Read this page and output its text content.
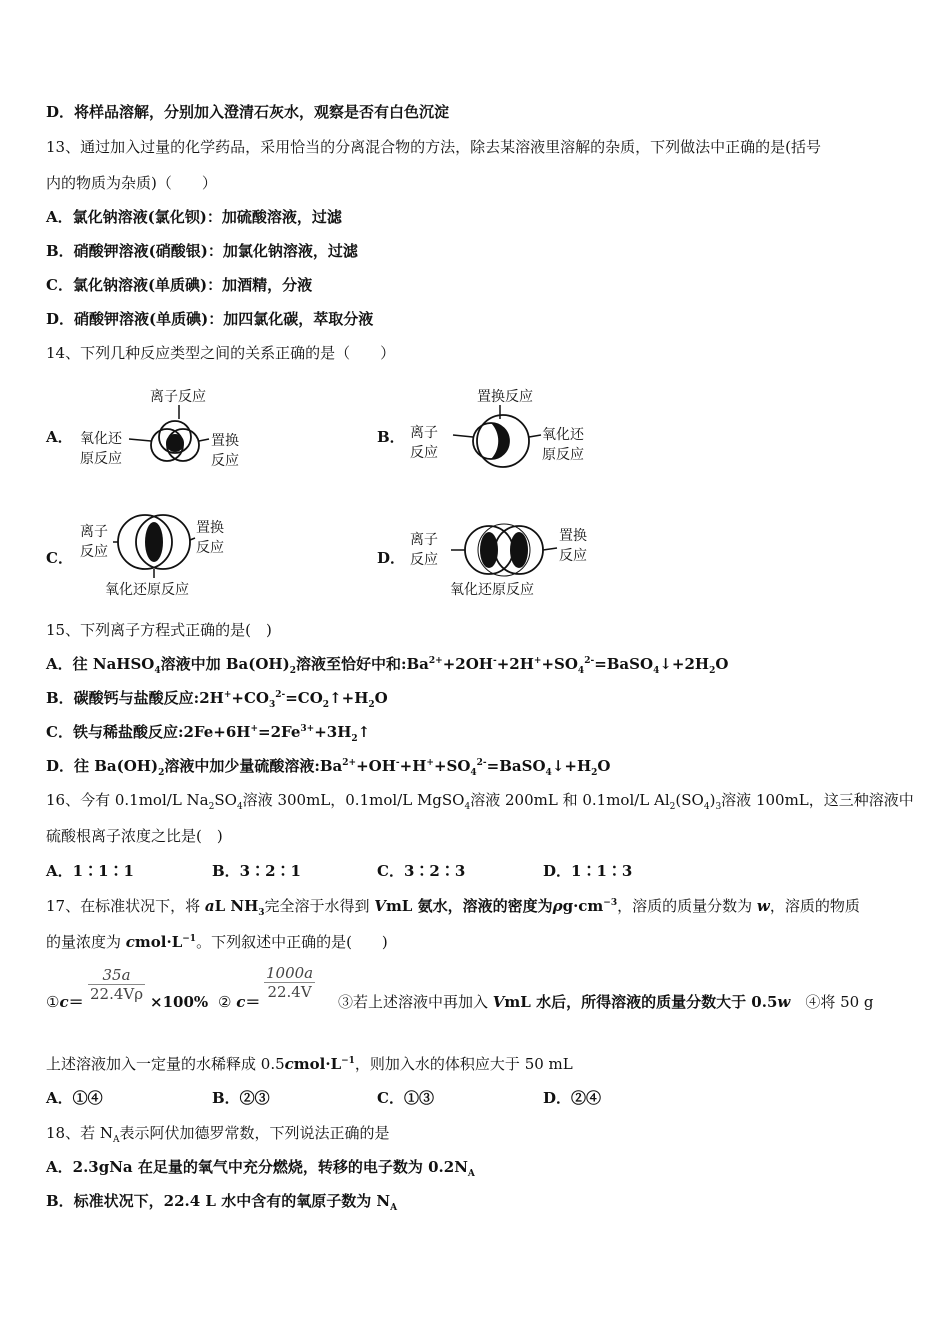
D．将样品溶解，分别加入澄清石灰水，观察是否有白色沉淀
13、通过加入过量的化学药品，采用恰当的分离混合物的方法，除去某溶液里溶解的杂质，下列做法中正确的是(括号
内的物质为杂质)（　　）
A．氯化钠溶液(氯化钡)：加硫酸溶液，过滤
B．硝酸钾溶液(硝酸银)：加氯化钠溶液，过滤
C．氯化钠溶液(单质碘)：加酒精，分液
D．硝酸钾溶液(单质碘)：加四氯化碳，萃取分液
14、下列几种反应类型之间的关系正确的是（　　）
A．
离子反应
氧化还
原反应
置换
反应
B．
置换反应
离子
反应
氧化还
原反应
C．
离子
反应
置换
反应
氧化还原反应
D．
离子
反应
置换
反应
氧化还原反应
15、下列离子方程式正确的是(　)
A．往 NaHSO$_4$溶液中加 $Ba(OH)_2$溶液至恰好中和$:Ba^{2+}+2OH^-+2H^++SO_4^{2-}=BaSO_4↓+2H_2O$
B．碳酸钙与盐酸反应$:2H^++CO_3^{2-}=CO_2↑+H_2O$
C．铁与稀盐酸反应$:2Fe+6H^+=2Fe^{3+}+3H_2↑$
D．往 $Ba(OH)_2$溶液中加少量硫酸溶液$:Ba^{2+}+OH^-+H^++SO_4^{2-}=BaSO_4↓+H_2O$
16、今有 0.1mol/L $Na_2SO_4$溶液 300mL，0.1mol/L MgSO$_4$溶液 200mL 和 0.1mol/L $Al_2(SO_4)_3$溶液 100mL，这三种溶液中
硫酸根离子浓度之比是(　)
A．1∶1∶1	B．3∶2∶1	C．3∶2∶3	D．1∶1∶3
17、在标准状况下，将 aL $NH_3$完全溶于水得到 VmL 氨水，溶液的密度为$\rho g\cdot cm^{-3}$，溶质的质量分数为 w，溶质的物质
的量浓度为 $cmol\cdot L^{-1}$。下列叙述中正确的是(　　)
①c＝ $\frac{35a}{22.4V\rho} \times 100\%$ ② c＝
$\frac{1000a}{22.4V}$
③若上述溶液中再加入 VmL 水后，所得溶液的质量分数大于 0.5w　④将 50 g
上述溶液加入一定量的水稀释成 $0.5cmol\cdot L^{-1}$，则加入水的体积应大于 50 mL
A．①④	B．②③	C．①③	D．②④
18、若 $N_A$表示阿伏加德罗常数，下列说法正确的是
A．2.3gNa 在足量的氧气中充分燃烧，转移的电子数为 $0.2N_A$
B．标准状况下，22.4 L 水中含有的氧原子数为 $N_A$
